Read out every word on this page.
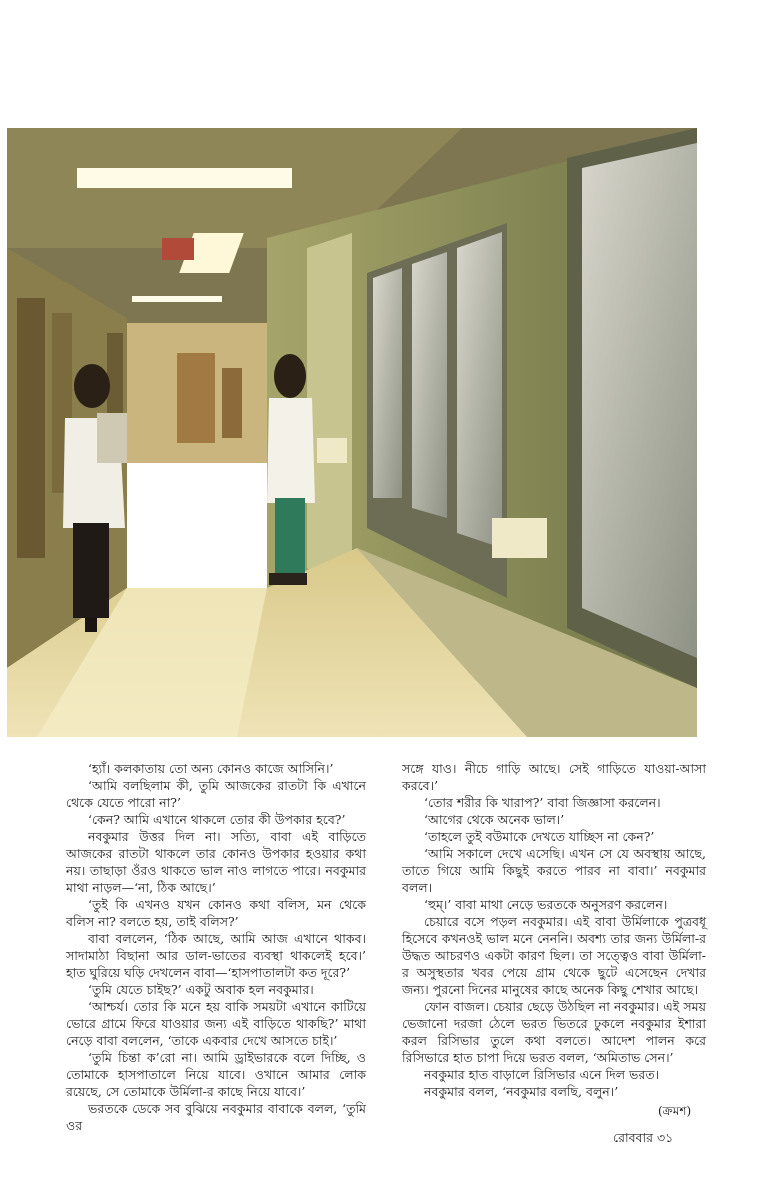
‘হ্যাঁ। কলকাতায় তো অন্য কোনও কাজে আসিনি।’

‘আমি বলছিলাম কী, তুমি আজকের রাতটা কি এখানে থেকে যেতে পারো না?’

‘কেন? আমি এখানে থাকলে তোর কী উপকার হবে?’

নবকুমার উত্তর দিল না। সত্যি, বাবা এই বাড়িতে আজকের রাতটা থাকলে তার কোনও উপকার হওয়ার কথা নয়। তাছাড়া ওঁরও থাকতে ভাল নাও লাগতে পারে। নবকুমার মাথা নাড়ল—‘না, ঠিক আছে।’

‘তুই কি এখনও যখন কোনও কথা বলিস, মন থেকে বলিস না? বলতে হয়, তাই বলিস?’

বাবা বললেন, ‘ঠিক আছে, আমি আজ এখানে থাকব। সাদামাঠা বিছানা আর ডাল-ভাতের ব্যবস্থা থাকলেই হবে।’ হাত ঘুরিয়ে ঘড়ি দেখলেন বাবা—‘হাসপাতালটা কত দূরে?’

‘তুমি যেতে চাইছ?’ একটু অবাক হল নবকুমার।

‘আশ্চর্য। তোর কি মনে হয় বাকি সময়টা এখানে কাটিয়ে ভোরে গ্রামে ফিরে যাওয়ার জন্য এই বাড়িতে থাকছি?’ মাথা নেড়ে বাবা বললেন, ‘তাকে একবার দেখে আসতে চাই।’

‘তুমি চিন্তা ক’রো না। আমি ড্রাইভারকে বলে দিচ্ছি, ও তোমাকে হাসপাতালে নিয়ে যাবে। ওখানে আমার লোক রয়েছে, সে তোমাকে উর্মিলা-র কাছে নিয়ে যাবে।’

ভরতকে ডেকে সব বুঝিয়ে নবকুমার বাবাকে বলল, ‘তুমি ওর

সঙ্গে যাও। নীচে গাড়ি আছে। সেই গাড়িতে যাওয়া-আসা করবে।’

‘তোর শরীর কি খারাপ?’ বাবা জিজ্ঞাসা করলেন।

‘আগের থেকে অনেক ভাল।’

‘তাহলে তুই বউমাকে দেখতে যাচ্ছিস না কেন?’

‘আমি সকালে দেখে এসেছি। এখন সে যে অবস্থায় আছে, তাতে গিয়ে আমি কিছুই করতে পারব না বাবা।’ নবকুমার বলল।

‘হুম্‌।’ বাবা মাথা নেড়ে ভরতকে অনুসরণ করলেন।

চেয়ারে বসে পড়ল নবকুমার। এই বাবা উর্মিলাকে পুত্রবধূ হিসেবে কখনওই ভাল মনে নেননি। অবশ্য তার জন্য উর্মিলা-র উদ্ধত আচরণও একটা কারণ ছিল। তা সত্ত্বেও বাবা উর্মিলা-র অসুস্থতার খবর পেয়ে গ্রাম থেকে ছুটে এসেছেন দেখার জন্য। পুরনো দিনের মানুষের কাছে অনেক কিছু শেখার আছে।

ফোন বাজল। চেয়ার ছেড়ে উঠছিল না নবকুমার। এই সময় ভেজানো দরজা ঠেলে ভরত ভিতরে ঢুকলে নবকুমার ইশারা করল রিসিভার তুলে কথা বলতে। আদেশ পালন করে রিসিভারে হাত চাপা দিয়ে ভরত বলল, ‘অমিতাভ সেন।’

নবকুমার হাত বাড়ালে রিসিভার এনে দিল ভরত।

নবকুমার বলল, ‘নবকুমার বলছি, বলুন।’

(ক্রমশ)
রোববার ৩১
